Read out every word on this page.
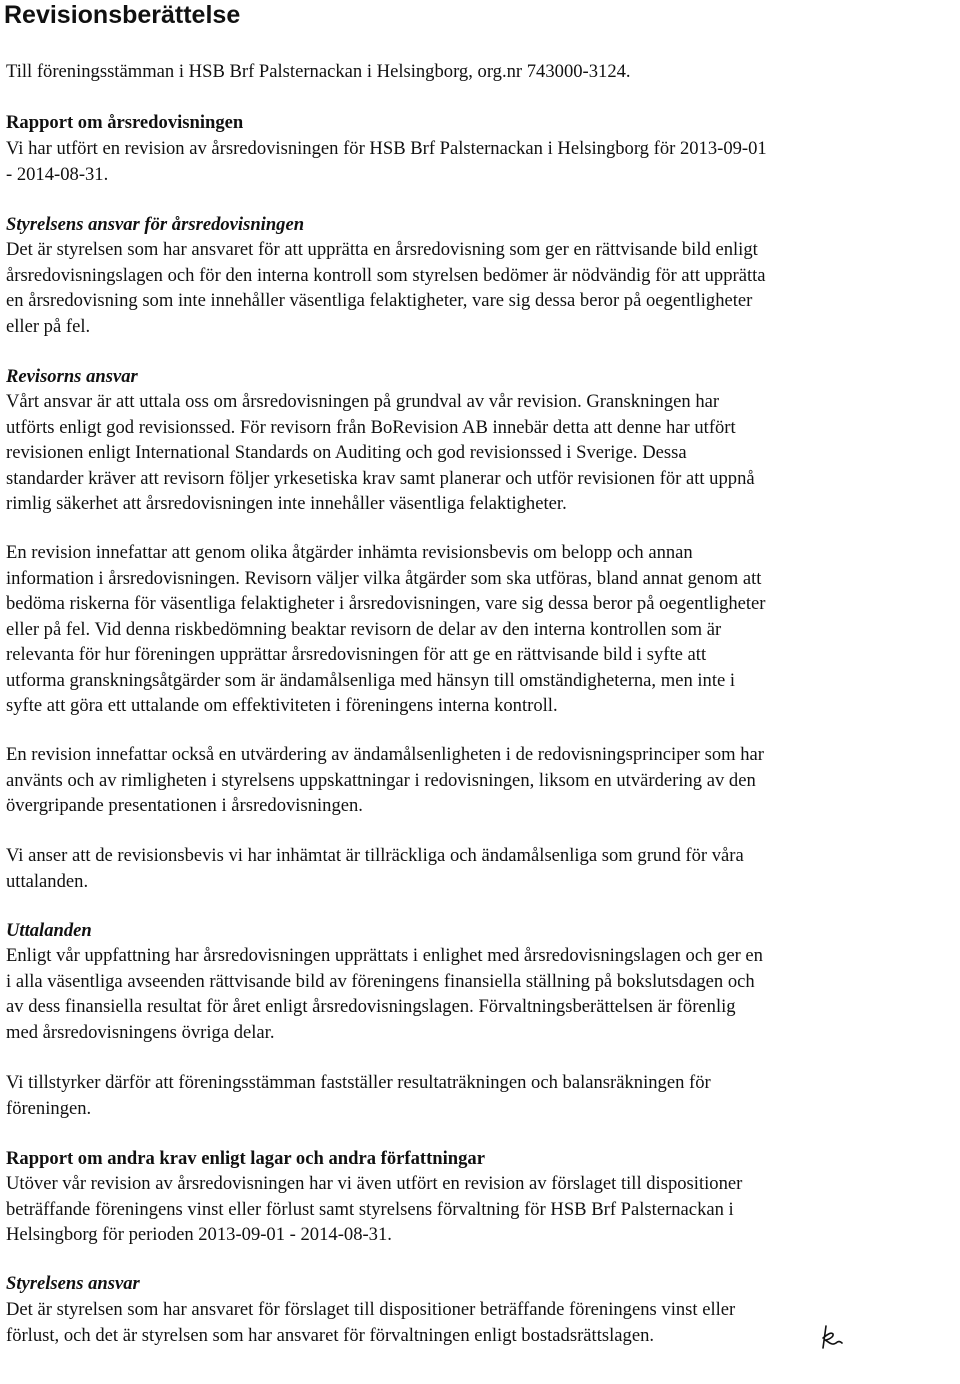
Revisionsberättelse

Till föreningsstämman i HSB Brf Palsternackan i Helsingborg, org.nr 743000-3124.

Rapport om årsredovisningen

Vi har utfört en revision av årsredovisningen för HSB Brf Palsternackan i Helsingborg för 2013-09-01
- 2014-08-31.

Styrelsens ansvar för årsredovisningen

Det är styrelsen som har ansvaret för att upprätta en årsredovisning som ger en rättvisande bild enligt
årsredovisningslagen och för den interna kontroll som styrelsen bedömer är nödvändig för att upprätta
en årsredovisning som inte innehåller väsentliga felaktigheter, vare sig dessa beror på oegentligheter
eller på fel.

Revisorns ansvar

Vårt ansvar är att uttala oss om årsredovisningen på grundval av vår revision. Granskningen har
utförts enligt god revisionssed. För revisorn från BoRevision AB innebär detta att denne har utfört
revisionen enligt International Standards on Auditing och god revisionssed i Sverige. Dessa
standarder kräver att revisorn följer yrkesetiska krav samt planerar och utför revisionen för att uppnå
rimlig säkerhet att årsredovisningen inte innehåller väsentliga felaktigheter.

En revision innefattar att genom olika åtgärder inhämta revisionsbevis om belopp och annan
information i årsredovisningen. Revisorn väljer vilka åtgärder som ska utföras, bland annat genom att
bedöma riskerna för väsentliga felaktigheter i årsredovisningen, vare sig dessa beror på oegentligheter
eller på fel. Vid denna riskbedömning beaktar revisorn de delar av den interna kontrollen som är
relevanta för hur föreningen upprättar årsredovisningen för att ge en rättvisande bild i syfte att
utforma granskningsåtgärder som är ändamålsenliga med hänsyn till omständigheterna, men inte i
syfte att göra ett uttalande om effektiviteten i föreningens interna kontroll.

En revision innefattar också en utvärdering av ändamålsenligheten i de redovisningsprinciper som har
använts och av rimligheten i styrelsens uppskattningar i redovisningen, liksom en utvärdering av den
övergripande presentationen i årsredovisningen.

Vi anser att de revisionsbevis vi har inhämtat är tillräckliga och ändamålsenliga som grund för våra
uttalanden.

Uttalanden

Enligt vår uppfattning har årsredovisningen upprättats i enlighet med årsredovisningslagen och ger en
i alla väsentliga avseenden rättvisande bild av föreningens finansiella ställning på bokslutsdagen och
av dess finansiella resultat för året enligt årsredovisningslagen. Förvaltningsberättelsen är förenlig
med årsredovisningens övriga delar.

Vi tillstyrker därför att föreningsstämman fastställer resultaträkningen och balansräkningen för
föreningen.

Rapport om andra krav enligt lagar och andra författningar

Utöver vår revision av årsredovisningen har vi även utfört en revision av förslaget till dispositioner
beträffande föreningens vinst eller förlust samt styrelsens förvaltning för HSB Brf Palsternackan i
Helsingborg för perioden 2013-09-01 - 2014-08-31.

Styrelsens ansvar

Det är styrelsen som har ansvaret för förslaget till dispositioner beträffande föreningens vinst eller
förlust, och det är styrelsen som har ansvaret för förvaltningen enligt bostadsrättslagen.
